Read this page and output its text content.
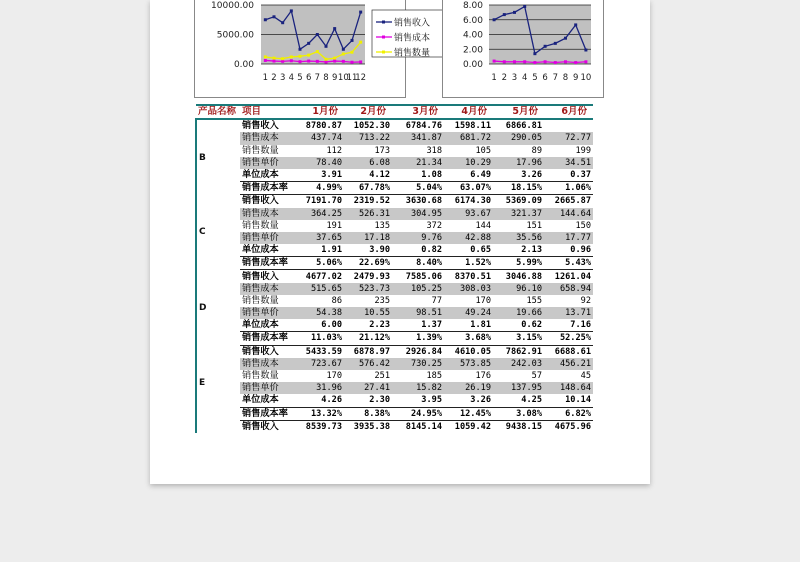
10000.00
5000.00
0.00
1 2 3 4 5 6 7 8 9 10
11
12
销售收入
销售成本
销售数量
8.00
6.00
4.00
2.00
0.00
1 2 3 4 5 6 7 8 9 10
产品名称	项目	1月份	2月份	3月份	4月份	5月份	6月份
B	销售收入	8780.87	1052.30	6784.76	1598.11	6866.81	
	销售成本	437.74	713.22	341.87	681.72	290.05	72.77
	销售数量	112	173	318	105	89	199
	销售单价	78.40	6.08	21.34	10.29	17.96	34.51
	单位成本	3.91	4.12	1.08	6.49	3.26	0.37
	销售成本率	4.99%	67.78%	5.04%	63.07%	18.15%	1.06%
C	销售收入	7191.70	2319.52	3630.68	6174.30	5369.09	2665.87
	销售成本	364.25	526.31	304.95	93.67	321.37	144.64
	销售数量	191	135	372	144	151	150
	销售单价	37.65	17.18	9.76	42.88	35.56	17.77
	单位成本	1.91	3.90	0.82	0.65	2.13	0.96
	销售成本率	5.06%	22.69%	8.40%	1.52%	5.99%	5.43%
D	销售收入	4677.02	2479.93	7585.06	8370.51	3046.88	1261.04
	销售成本	515.65	523.73	105.25	308.03	96.10	658.94
	销售数量	86	235	77	170	155	92
	销售单价	54.38	10.55	98.51	49.24	19.66	13.71
	单位成本	6.00	2.23	1.37	1.81	0.62	7.16
	销售成本率	11.03%	21.12%	1.39%	3.68%	3.15%	52.25%
E	销售收入	5433.59	6878.97	2926.84	4610.05	7862.91	6688.61
	销售成本	723.67	576.42	730.25	573.85	242.03	456.21
	销售数量	170	251	185	176	57	45
	销售单价	31.96	27.41	15.82	26.19	137.95	148.64
	单位成本	4.26	2.30	3.95	3.26	4.25	10.14
	销售成本率	13.32%	8.38%	24.95%	12.45%	3.08%	6.82%
	销售收入	8539.73	3935.38	8145.14	1059.42	9438.15	4675.96
